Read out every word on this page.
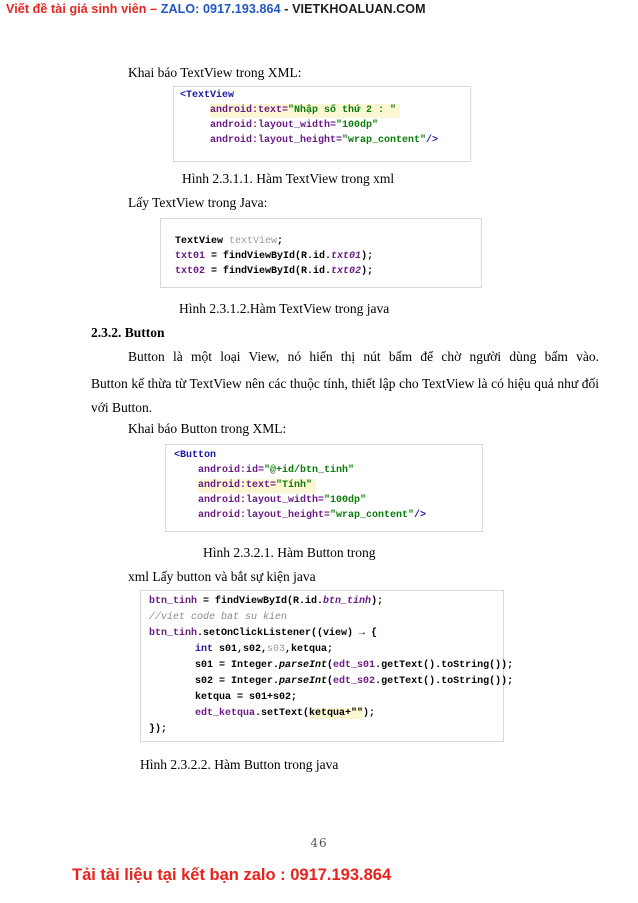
Viết đề tài giá sinh viên – ZALO: 0917.193.864 - VIETKHOALUAN.COM
Khai báo TextView trong XML:
<TextView
android:text="Nhập số thứ 2 : "
android:layout_width="100dp"
android:layout_height="wrap_content"/>
Hình 2.3.1.1. Hàm TextView trong xml
Lấy TextView trong Java:
TextView textView;
txt01 = findViewById(R.id.txt01);
txt02 = findViewById(R.id.txt02);
Hình 2.3.1.2.Hàm TextView trong java
2.3.2. Button
Button là một loại View, nó hiển thị nút bấm để chờ người dùng bấm vào.
Button kế thừa từ TextView nên các thuộc tính, thiết lập cho TextView là có hiệu quả như đối với Button.
Khai báo Button trong XML:
<Button
android:id="@+id/btn_tinh"
android:text="Tính"
android:layout_width="100dp"
android:layout_height="wrap_content"/>
Hình 2.3.2.1. Hàm Button trong
xml Lấy button và bắt sự kiện java
btn_tinh = findViewById(R.id.btn_tinh);
//viet code bat su kien
btn_tinh.setOnClickListener((view) → {
int s01,s02,s03,ketqua;
s01 = Integer.parseInt(edt_s01.getText().toString());
s02 = Integer.parseInt(edt_s02.getText().toString());
ketqua = s01+s02;
edt_ketqua.setText(ketqua+"");
});
Hình 2.3.2.2. Hàm Button trong java
46
Tải tài liệu tại kết bạn zalo : 0917.193.864
